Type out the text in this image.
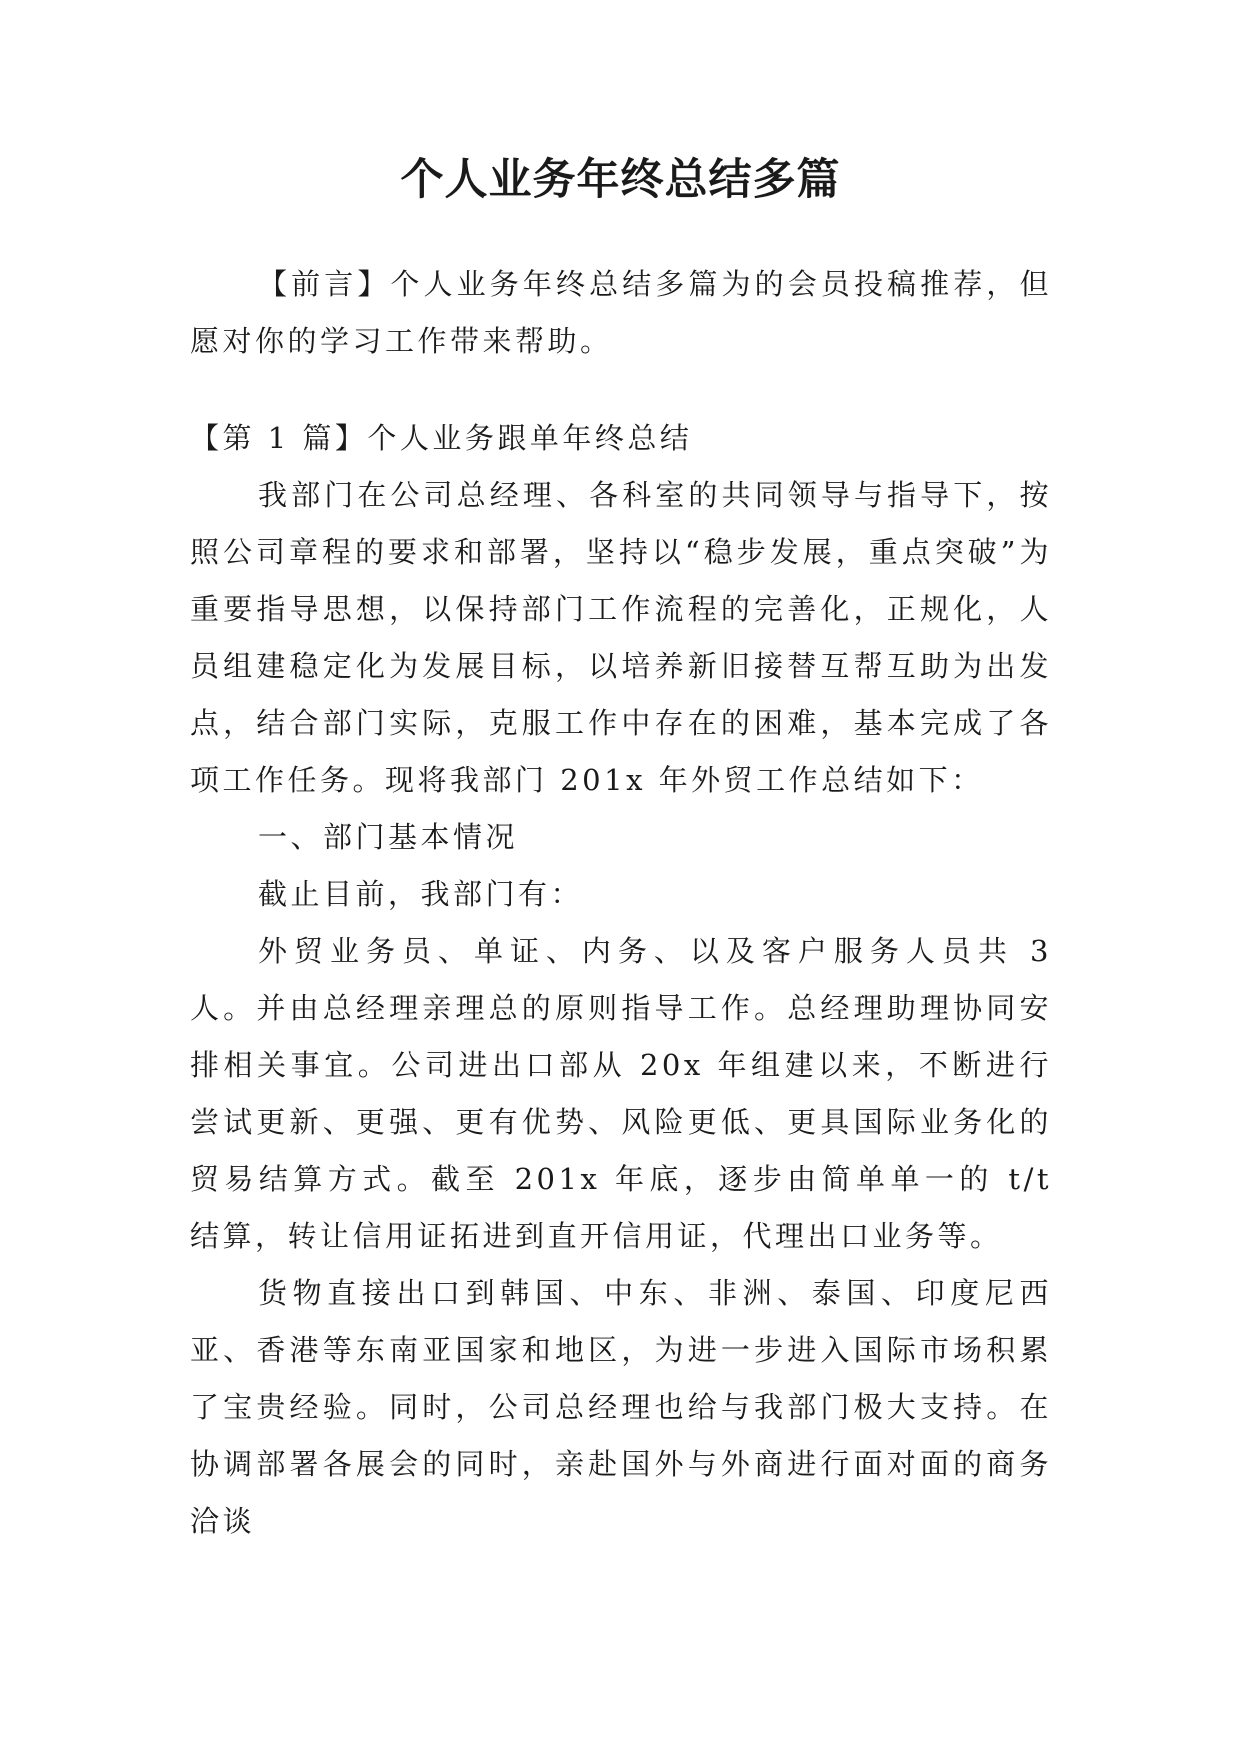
个人业务年终总结多篇

【前言】个人业务年终总结多篇为的会员投稿推荐，但愿对你的学习工作带来帮助。

【第 1 篇】个人业务跟单年终总结

我部门在公司总经理、各科室的共同领导与指导下，按照公司章程的要求和部署，坚持以“稳步发展，重点突破”为重要指导思想，以保持部门工作流程的完善化，正规化，人员组建稳定化为发展目标，以培养新旧接替互帮互助为出发点，结合部门实际，克服工作中存在的困难，基本完成了各项工作任务。现将我部门 201x 年外贸工作总结如下：

一、部门基本情况

截止目前，我部门有：

外贸业务员、单证、内务、以及客户服务人员共 3 人。并由总经理亲理总的原则指导工作。总经理助理协同安排相关事宜。公司进出口部从 20x 年组建以来，不断进行尝试更新、更强、更有优势、风险更低、更具国际业务化的贸易结算方式。截至 201x 年底，逐步由简单单一的 t/t 结算，转让信用证拓进到直开信用证，代理出口业务等。

货物直接出口到韩国、中东、非洲、泰国、印度尼西亚、香港等东南亚国家和地区，为进一步进入国际市场积累了宝贵经验。同时，公司总经理也给与我部门极大支持。在协调部署各展会的同时，亲赴国外与外商进行面对面的商务洽谈
